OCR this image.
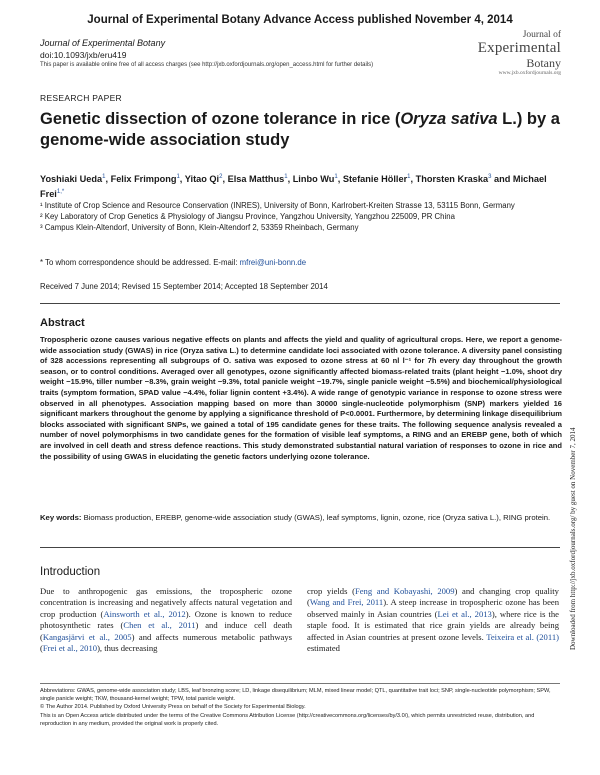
Journal of Experimental Botany Advance Access published November 4, 2014
Journal of Experimental Botany
doi:10.1093/jxb/eru419
This paper is available online free of all access charges (see http://jxb.oxfordjournals.org/open_access.html for further details)
Journal of
Experimental
Botany
www.jxb.oxfordjournals.org
RESEARCH PAPER
Genetic dissection of ozone tolerance in rice (Oryza sativa L.) by a genome-wide association study
Yoshiaki Ueda$^1$, Felix Frimpong$^1$, Yitao Qi$^2$, Elsa Matthus$^1$, Linbo Wu$^1$, Stefanie Höller$^1$, Thorsten Kraska$^3$ and Michael Frei$^{1,*}$
¹ Institute of Crop Science and Resource Conservation (INRES), University of Bonn, Karlrobert-Kreiten Strasse 13, 53115 Bonn, Germany
² Key Laboratory of Crop Genetics & Physiology of Jiangsu Province, Yangzhou University, Yangzhou 225009, PR China
³ Campus Klein-Altendorf, University of Bonn, Klein-Altendorf 2, 53359 Rheinbach, Germany
* To whom correspondence should be addressed. E-mail: mfrei@uni-bonn.de
Received 7 June 2014; Revised 15 September 2014; Accepted 18 September 2014
Abstract
Tropospheric ozone causes various negative effects on plants and affects the yield and quality of agricultural crops. Here, we report a genome-wide association study (GWAS) in rice (Oryza sativa L.) to determine candidate loci associated with ozone tolerance. A diversity panel consisting of 328 accessions representing all subgroups of O. sativa was exposed to ozone stress at 60 nl l⁻¹ for 7h every day throughout the growth season, or to control conditions. Averaged over all genotypes, ozone significantly affected biomass-related traits (plant height −1.0%, shoot dry weight −15.9%, tiller number −8.3%, grain weight −9.3%, total panicle weight −19.7%, single panicle weight −5.5%) and biochemical/physiological traits (symptom formation, SPAD value −4.4%, foliar lignin content +3.4%). A wide range of genotypic variance in response to ozone stress were observed in all phenotypes. Association mapping based on more than 30000 single-nucleotide polymorphism (SNP) markers yielded 16 significant markers throughout the genome by applying a significance threshold of P<0.0001. Furthermore, by determining linkage disequilibrium blocks associated with significant SNPs, we gained a total of 195 candidate genes for these traits. The following sequence analysis revealed a number of novel polymorphisms in two candidate genes for the formation of visible leaf symptoms, a RING and an EREBP gene, both of which are involved in cell death and stress defence reactions. This study demonstrated substantial natural variation of responses to ozone in rice and the possibility of using GWAS in elucidating the genetic factors underlying ozone tolerance.
Key words: Biomass production, EREBP, genome-wide association study (GWAS), leaf symptoms, lignin, ozone, rice (Oryza sativa L.), RING protein.
Introduction
Due to anthropogenic gas emissions, the tropospheric ozone concentration is increasing and negatively affects natural vegetation and crop production (Ainsworth et al., 2012). Ozone is known to reduce photosynthetic rates (Chen et al., 2011) and induce cell death (Kangasjärvi et al., 2005) and affects numerous metabolic pathways (Frei et al., 2010), thus decreasing
crop yields (Feng and Kobayashi, 2009) and changing crop quality (Wang and Frei, 2011). A steep increase in tropospheric ozone has been observed mainly in Asian countries (Lei et al., 2013), where rice is the staple food. It is estimated that rice grain yields are already being affected in Asian countries at present ozone levels. Teixeira et al. (2011) estimated
Abbreviations: GWAS, genome-wide association study; LBS, leaf bronzing score; LD, linkage disequilibrium; MLM, mixed linear model; QTL, quantitative trait loci; SNP, single-nucleotide polymorphism; SPW, single panicle weight; TKW, thousand-kernel weight; TPW, total panicle weight.
© The Author 2014. Published by Oxford University Press on behalf of the Society for Experimental Biology.
This is an Open Access article distributed under the terms of the Creative Commons Attribution License (http://creativecommons.org/licenses/by/3.0/), which permits unrestricted reuse, distribution, and reproduction in any medium, provided the original work is properly cited.
Downloaded from http://jxb.oxfordjournals.org/ by guest on November 7, 2014
